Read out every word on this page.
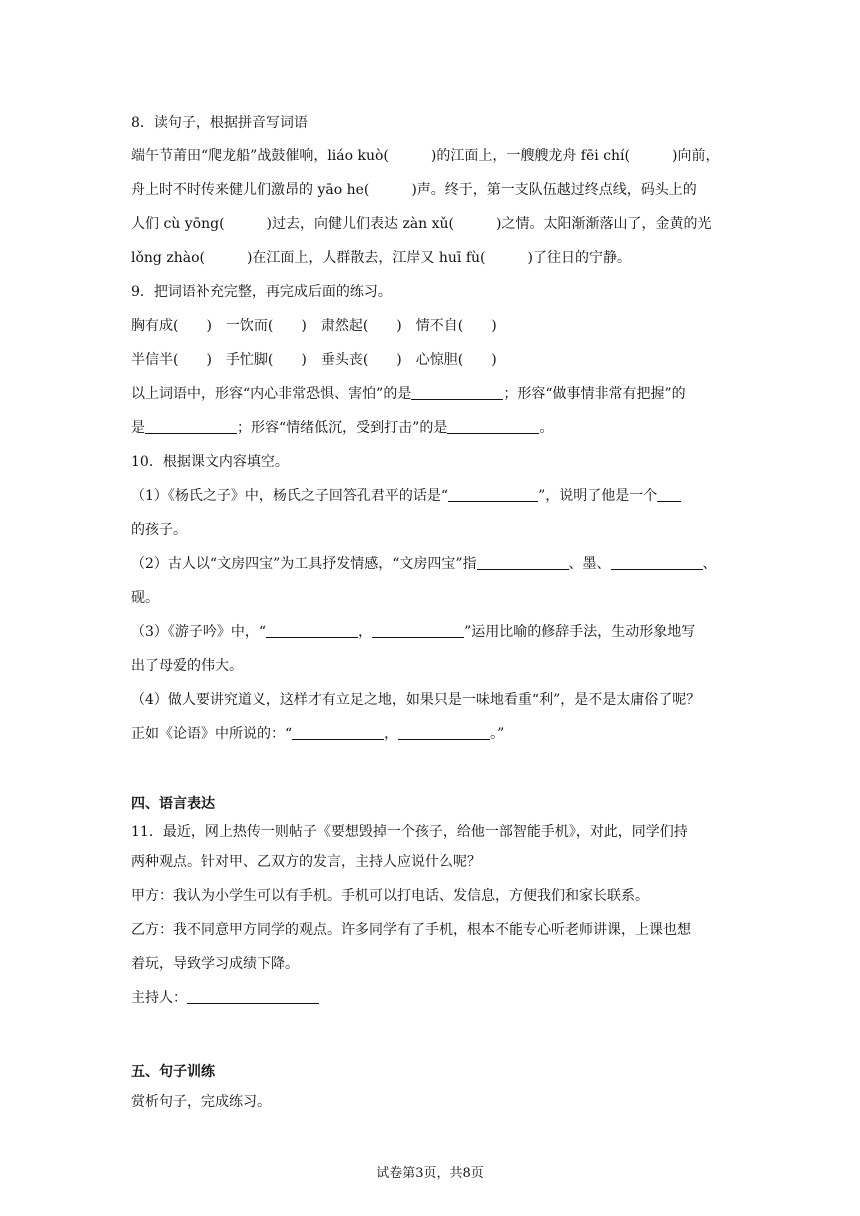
8．读句子，根据拼音写词语
端午节莆田“爬龙船”战鼓催响，liáo kuò(　　　)的江面上，一艘艘龙舟 fēi chí(　　　)向前，
舟上时不时传来健儿们激昂的 yāo he(　　　)声。终于，第一支队伍越过终点线，码头上的
人们 cù yōng(　　　)过去，向健儿们表达 zàn xǔ(　　　)之情。太阳渐渐落山了，金黄的光
lǒng zhào(　　　)在江面上，人群散去，江岸又 huī fù(　　　)了往日的宁静。
9．把词语补充完整，再完成后面的练习。
胸有成(　　)　一饮而(　　)　肃然起(　　)　情不自(　　)
半信半(　　)　手忙脚(　　)　垂头丧(　　)　心惊胆(　　)
以上词语中，形容“内心非常恐惧、害怕”的是	；形容“做事情非常有把握”的
是	；形容“情绪低沉，受到打击”的是	。
10．根据课文内容填空。
（1）《杨氏之子》中，杨氏之子回答孔君平的话是“	”，说明了他是一个
的孩子。
（2）古人以“文房四宝”为工具抒发情感，“文房四宝”指	、墨、	、
砚。
（3）《游子吟》中，“	，	”运用比喻的修辞手法，生动形象地写
出了母爱的伟大。
（4）做人要讲究道义，这样才有立足之地，如果只是一味地看重“利”，是不是太庸俗了呢？
正如《论语》中所说的：“	，	。”
四、语言表达
11．最近，网上热传一则帖子《要想毁掉一个孩子，给他一部智能手机》，对此，同学们持
两种观点。针对甲、乙双方的发言，主持人应说什么呢？
甲方：我认为小学生可以有手机。手机可以打电话、发信息，方便我们和家长联系。
乙方：我不同意甲方同学的观点。许多同学有了手机，根本不能专心听老师讲课，上课也想
着玩，导致学习成绩下降。
主持人：
五、句子训练
赏析句子，完成练习。
试卷第3页，共8页
